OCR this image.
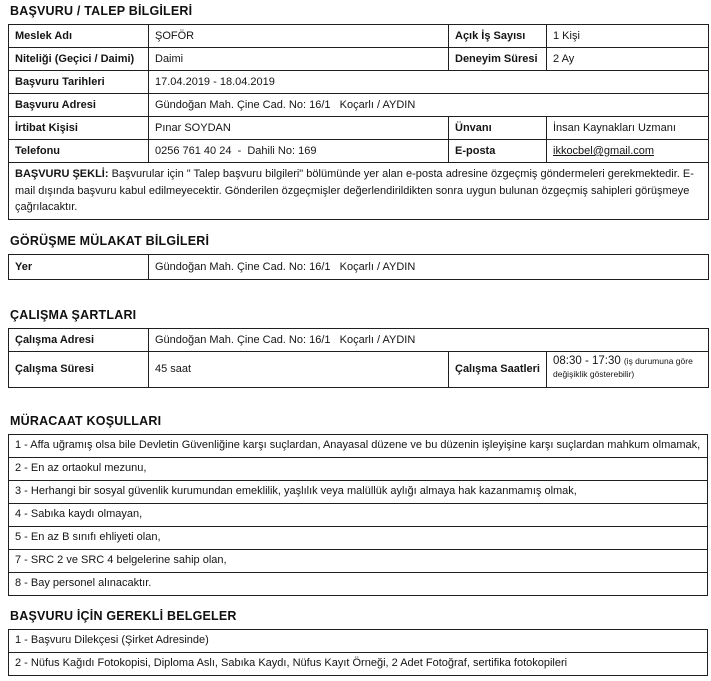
BAŞVURU / TALEP BİLGİLERİ
Meslek Adı	ŞOFÖR	Açık İş Sayısı	1 Kişi
Niteliği (Geçici / Daimi)	Daimi	Deneyim Süresi	2 Ay
Başvuru Tarihleri	17.04.2019 - 18.04.2019		
Başvuru Adresi	Gündoğan Mah. Çine Cad. No: 16/1   Koçarlı / AYDIN		
İrtibat Kişisi	Pınar SOYDAN	Ünvanı	İnsan Kaynakları Uzmanı
Telefonu	0256 761 40 24  -  Dahili No: 169	E-posta	ikkocbel@gmail.com
BAŞVURU ŞEKLİ: Başvurular için " Talep başvuru bilgileri" bölümünde yer alan e-posta adresine özgeçmiş göndermeleri gerekmektedir. E-mail dışında başvuru kabul edilmeyecektir. Gönderilen özgeçmişler değerlendirildikten sonra uygun bulunan özgeçmiş sahipleri görüşmeye çağrılacaktır.			
GÖRÜŞME MÜLAKAT BİLGİLERİ
Yer	Gündoğan Mah. Çine Cad. No: 16/1   Koçarlı / AYDIN
ÇALIŞMA ŞARTLARI
Çalışma Adresi	Gündoğan Mah. Çine Cad. No: 16/1   Koçarlı / AYDIN		
Çalışma Süresi	45 saat	Çalışma Saatleri	08:30 - 17:30 (iş durumuna göre değişiklik gösterebilir)
MÜRACAAT KOŞULLARI
1 - Affa uğramış olsa bile Devletin Güvenliğine karşı suçlardan, Anayasal düzene ve bu düzenin işleyişine karşı suçlardan mahkum olmamak,
2 - En az ortaokul mezunu,
3 - Herhangi bir sosyal güvenlik kurumundan emeklilik, yaşlılık veya malüllük aylığı almaya hak kazanmamış olmak,
4 - Sabıka kaydı olmayan,
5 - En az B sınıfı ehliyeti olan,
7 - SRC 2 ve SRC 4 belgelerine sahip olan,
8 - Bay personel alınacaktır.
BAŞVURU İÇİN GEREKLİ BELGELER
1 - Başvuru Dilekçesi (Şirket Adresinde)
2 - Nüfus Kağıdı Fotokopisi, Diploma Aslı, Sabıka Kaydı, Nüfus Kayıt Örneği, 2 Adet Fotoğraf, sertifika fotokopileri
